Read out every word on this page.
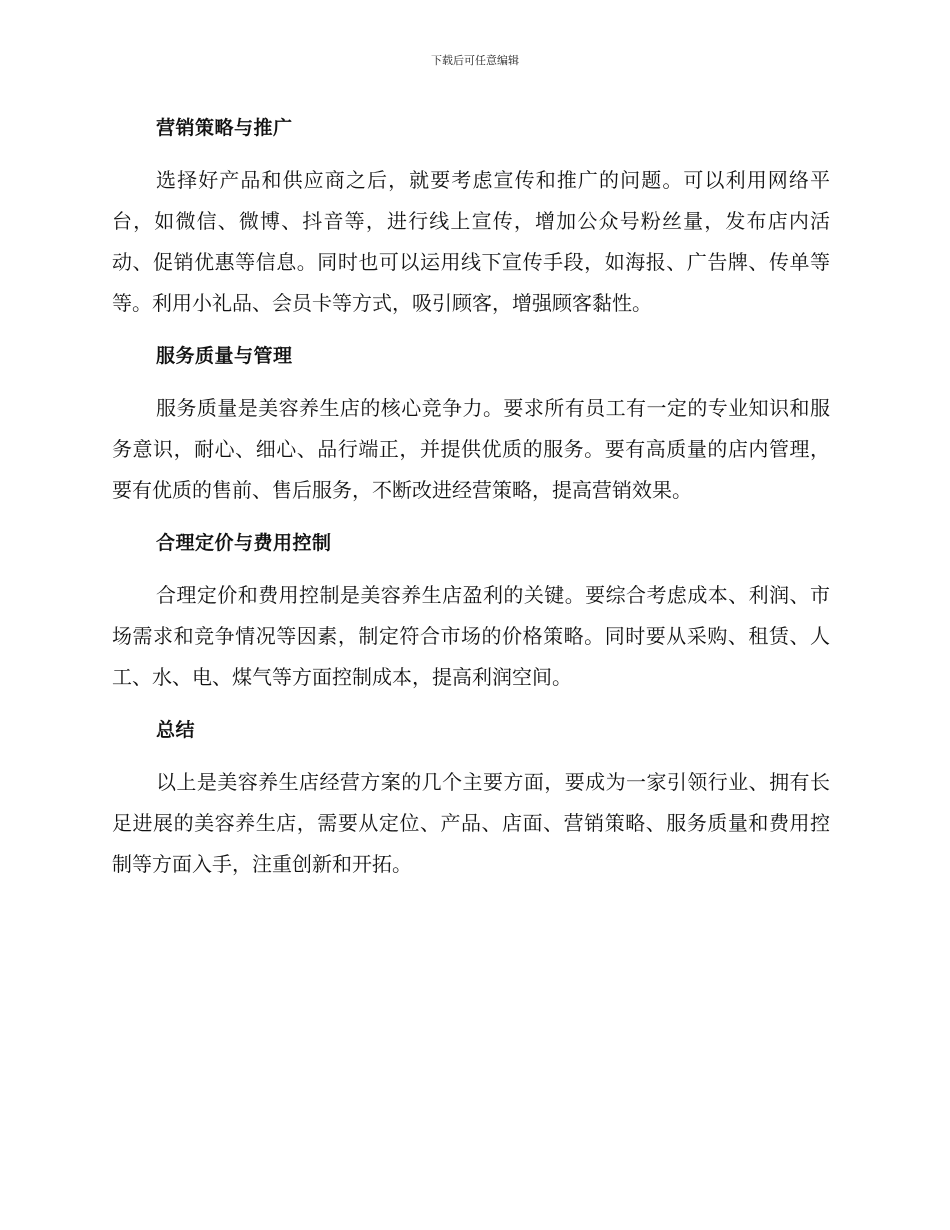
下载后可任意编辑
营销策略与推广

选择好产品和供应商之后，就要考虑宣传和推广的问题。可以利用网络平台，如微信、微博、抖音等，进行线上宣传，增加公众号粉丝量，发布店内活动、促销优惠等信息。同时也可以运用线下宣传手段，如海报、广告牌、传单等等。利用小礼品、会员卡等方式，吸引顾客，增强顾客黏性。

服务质量与管理

服务质量是美容养生店的核心竞争力。要求所有员工有一定的专业知识和服务意识，耐心、细心、品行端正，并提供优质的服务。要有高质量的店内管理，要有优质的售前、售后服务，不断改进经营策略，提高营销效果。

合理定价与费用控制

合理定价和费用控制是美容养生店盈利的关键。要综合考虑成本、利润、市场需求和竞争情况等因素，制定符合市场的价格策略。同时要从采购、租赁、人工、水、电、煤气等方面控制成本，提高利润空间。

总结

以上是美容养生店经营方案的几个主要方面，要成为一家引领行业、拥有长足进展的美容养生店，需要从定位、产品、店面、营销策略、服务质量和费用控制等方面入手，注重创新和开拓。
